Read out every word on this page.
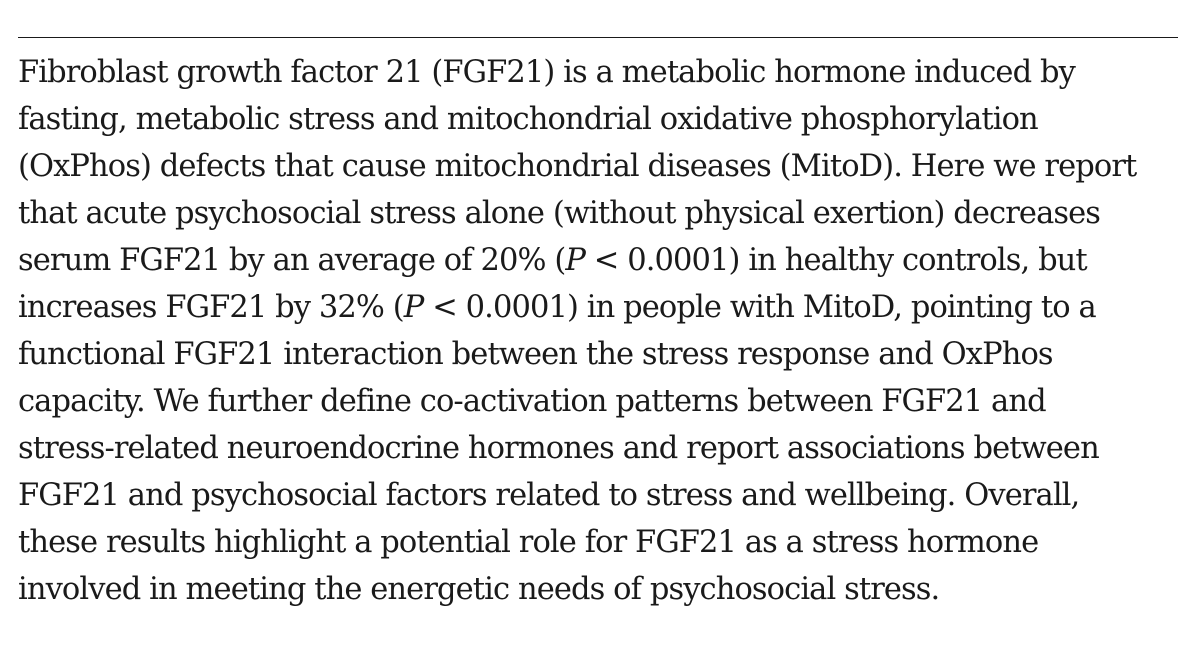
Fibroblast growth factor 21 (FGF21) is a metabolic hormone induced by
fasting, metabolic stress and mitochondrial oxidative phosphorylation
(OxPhos) defects that cause mitochondrial diseases (MitoD). Here we report
that acute psychosocial stress alone (without physical exertion) decreases
serum FGF21 by an average of 20% (P < 0.0001) in healthy controls, but
increases FGF21 by 32% (P < 0.0001) in people with MitoD, pointing to a
functional FGF21 interaction between the stress response and OxPhos
capacity. We further define co-activation patterns between FGF21 and
stress-related neuroendocrine hormones and report associations between
FGF21 and psychosocial factors related to stress and wellbeing. Overall,
these results highlight a potential role for FGF21 as a stress hormone
involved in meeting the energetic needs of psychosocial stress.
